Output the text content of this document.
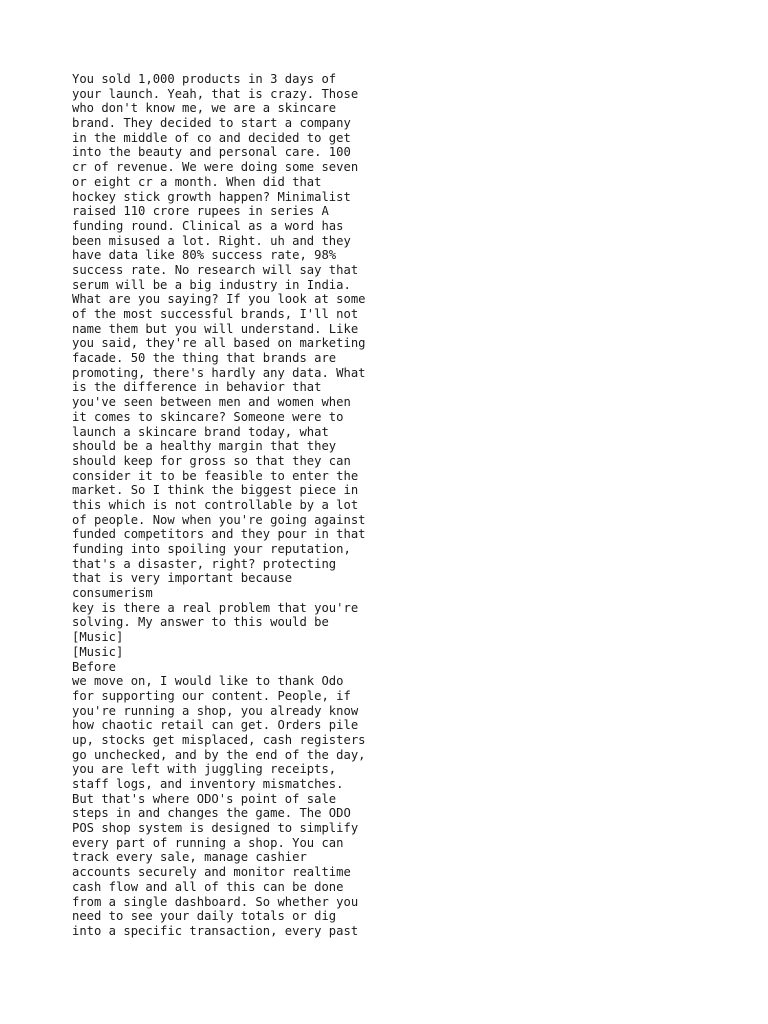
You sold 1,000 products in 3 days of
your launch. Yeah, that is crazy. Those
who don't know me, we are a skincare
brand. They decided to start a company
in the middle of co and decided to get
into the beauty and personal care. 100
cr of revenue. We were doing some seven
or eight cr a month. When did that
hockey stick growth happen? Minimalist
raised 110 crore rupees in series A
funding round. Clinical as a word has
been misused a lot. Right. uh and they
have data like 80% success rate, 98%
success rate. No research will say that
serum will be a big industry in India.
What are you saying? If you look at some
of the most successful brands, I'll not
name them but you will understand. Like
you said, they're all based on marketing
facade. 50 the thing that brands are
promoting, there's hardly any data. What
is the difference in behavior that
you've seen between men and women when
it comes to skincare? Someone were to
launch a skincare brand today, what
should be a healthy margin that they
should keep for gross so that they can
consider it to be feasible to enter the
market. So I think the biggest piece in
this which is not controllable by a lot
of people. Now when you're going against
funded competitors and they pour in that
funding into spoiling your reputation,
that's a disaster, right? protecting
that is very important because
consumerism
key is there a real problem that you're
solving. My answer to this would be
[Music]
[Music]
Before
we move on, I would like to thank Odo
for supporting our content. People, if
you're running a shop, you already know
how chaotic retail can get. Orders pile
up, stocks get misplaced, cash registers
go unchecked, and by the end of the day,
you are left with juggling receipts,
staff logs, and inventory mismatches.
But that's where ODO's point of sale
steps in and changes the game. The ODO
POS shop system is designed to simplify
every part of running a shop. You can
track every sale, manage cashier
accounts securely and monitor realtime
cash flow and all of this can be done
from a single dashboard. So whether you
need to see your daily totals or dig
into a specific transaction, every past
